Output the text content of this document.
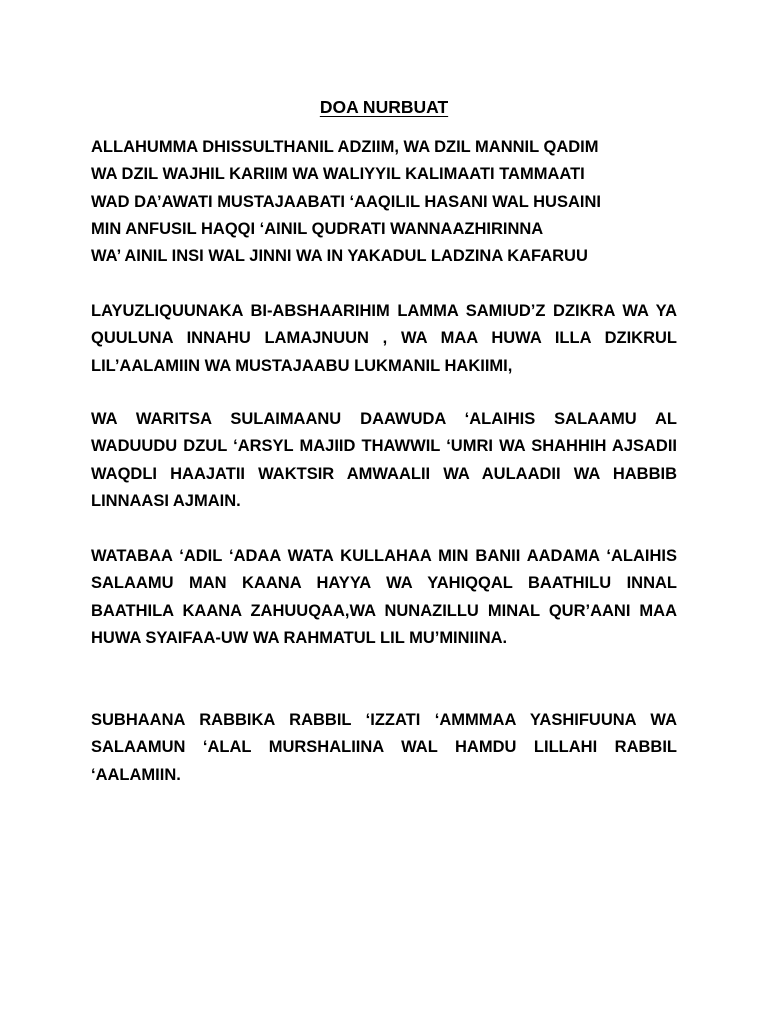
DOA NURBUAT
ALLAHUMMA DHISSULTHANIL ADZIIM, WA DZIL MANNIL QADIM
WA DZIL WAJHIL KARIIM WA WALIYYIL KALIMAATI TAMMAATI
WAD DA’AWATI MUSTAJAABATI ‘AAQILIL HASANI WAL HUSAINI
MIN ANFUSIL HAQQI ‘AINIL QUDRATI WANNAAZHIRINNA
WA’ AINIL INSI WAL JINNI WA IN YAKADUL LADZINA KAFARUU

LAYUZLIQUUNAKA BI-ABSHAARIHIM LAMMA SAMIUD’Z DZIKRA WA YA QUULUNA INNAHU LAMAJNUUN , WA MAA HUWA ILLA DZIKRUL LIL’AALAMIIN WA MUSTAJAABU LUKMANIL HAKIIMI,

WA WARITSA SULAIMAANU DAAWUDA ‘ALAIHIS SALAAMU AL WADUUDU DZUL ‘ARSYL MAJIID THAWWIL ‘UMRI WA SHAHHIH AJSADII WAQDLI HAAJATII WAKTSIR AMWAALII WA AULAADII WA HABBIB LINNAASI AJMAIN.

WATABAA ‘ADIL ‘ADAA WATA KULLAHAA MIN BANII AADAMA ‘ALAIHIS SALAAMU MAN KAANA HAYYA WA YAHIQQAL BAATHILU INNAL BAATHILA KAANA ZAHUUQAA,WA NUNAZILLU MINAL QUR’AANI MAA HUWA SYAIFAA-UW WA RAHMATUL LIL MU’MINIINA.

SUBHAANA RABBIKA RABBIL ‘IZZATI ‘AMMMAA YASHIFUUNA WA SALAAMUN ‘ALAL MURSHALIINA WAL HAMDU LILLAHI RABBIL ‘AALAMIIN.
